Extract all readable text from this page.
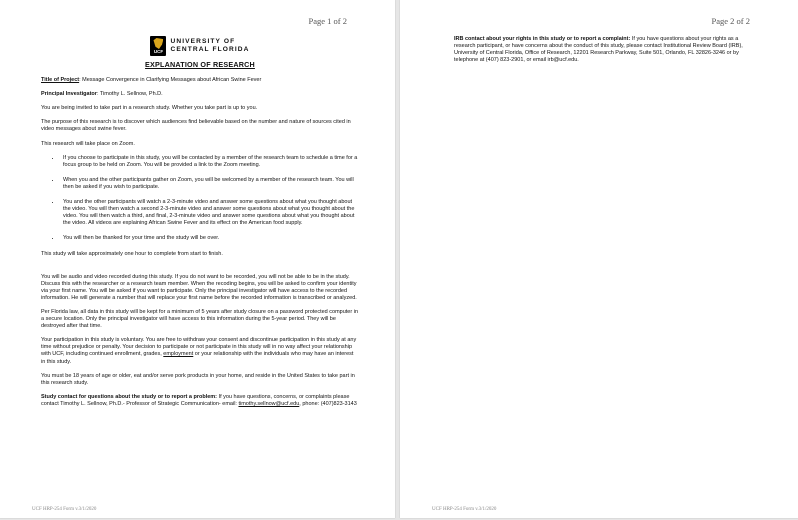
Page 1 of 2
UCF
UNIVERSITY OF
CENTRAL FLORIDA
EXPLANATION OF RESEARCH

Title of Project: Message Convergence in Clarifying Messages about African Swine Fever

Principal Investigator: Timothy L. Sellnow, Ph.D.

You are being invited to take part in a research study. Whether you take part is up to you.

The purpose of this research is to discover which audiences find believable based on the number and nature of sources cited in video messages about swine fever.

This research will take place on Zoom.

• If you choose to participate in this study, you will be contacted by a member of the research team to schedule a time for a focus group to be held on Zoom. You will be provided a link to the Zoom meeting.
• When you and the other participants gather on Zoom, you will be welcomed by a member of the research team. You will then be asked if you wish to participate.
• You and the other participants will watch a 2-3-minute video and answer some questions about what you thought about the video. You will then watch a second 2-3-minute video and answer some questions about what you thought about the video. You will then watch a third, and final, 2-3-minute video and answer some questions about what you thought about the video. All videos are explaining African Swine Fever and its effect on the American food supply.
• You will then be thanked for your time and the study will be over.

This study will take approximately one hour to complete from start to finish.

You will be audio and video recorded during this study. If you do not want to be recorded, you will not be able to be in the study. Discuss this with the researcher or a research team member. When the recoding begins, you will be asked to confirm your identity via your first name. You will be asked if you want to participate. Only the principal investigator will have access to the recorded information. He will generate a number that will replace your first name before the recorded information is transcribed or analyzed.

Per Florida law, all data in this study will be kept for a minimum of 5 years after study closure on a password protected computer in a secure location. Only the principal investigator will have access to this information during the 5-year period. They will be destroyed after that time.

Your participation in this study is voluntary. You are free to withdraw your consent and discontinue participation in this study at any time without prejudice or penalty. Your decision to participate or not participate in this study will in no way affect your relationship with UCF, including continued enrollment, grades, employment or your relationship with the individuals who may have an interest in this study.

You must be 18 years of age or older, eat and/or serve pork products in your home, and reside in the United States to take part in this research study.

Study contact for questions about the study or to report a problem: If you have questions, concerns, or complaints please contact Timothy L. Sellnow, Ph.D.- Professor of Strategic Communication- email: timothy.sellnow@ucf.edu, phone: (407)823-3143

UCF HRP-254 Form v.3/1/2020
Page 2 of 2

IRB contact about your rights in this study or to report a complaint: If you have questions about your rights as a research participant, or have concerns about the conduct of this study, please contact Institutional Review Board (IRB), University of Central Florida, Office of Research, 12201 Research Parkway, Suite 501, Orlando, FL 32826-3246 or by telephone at (407) 823-2901, or email irb@ucf.edu.

UCF HRP-254 Form v.3/1/2020
